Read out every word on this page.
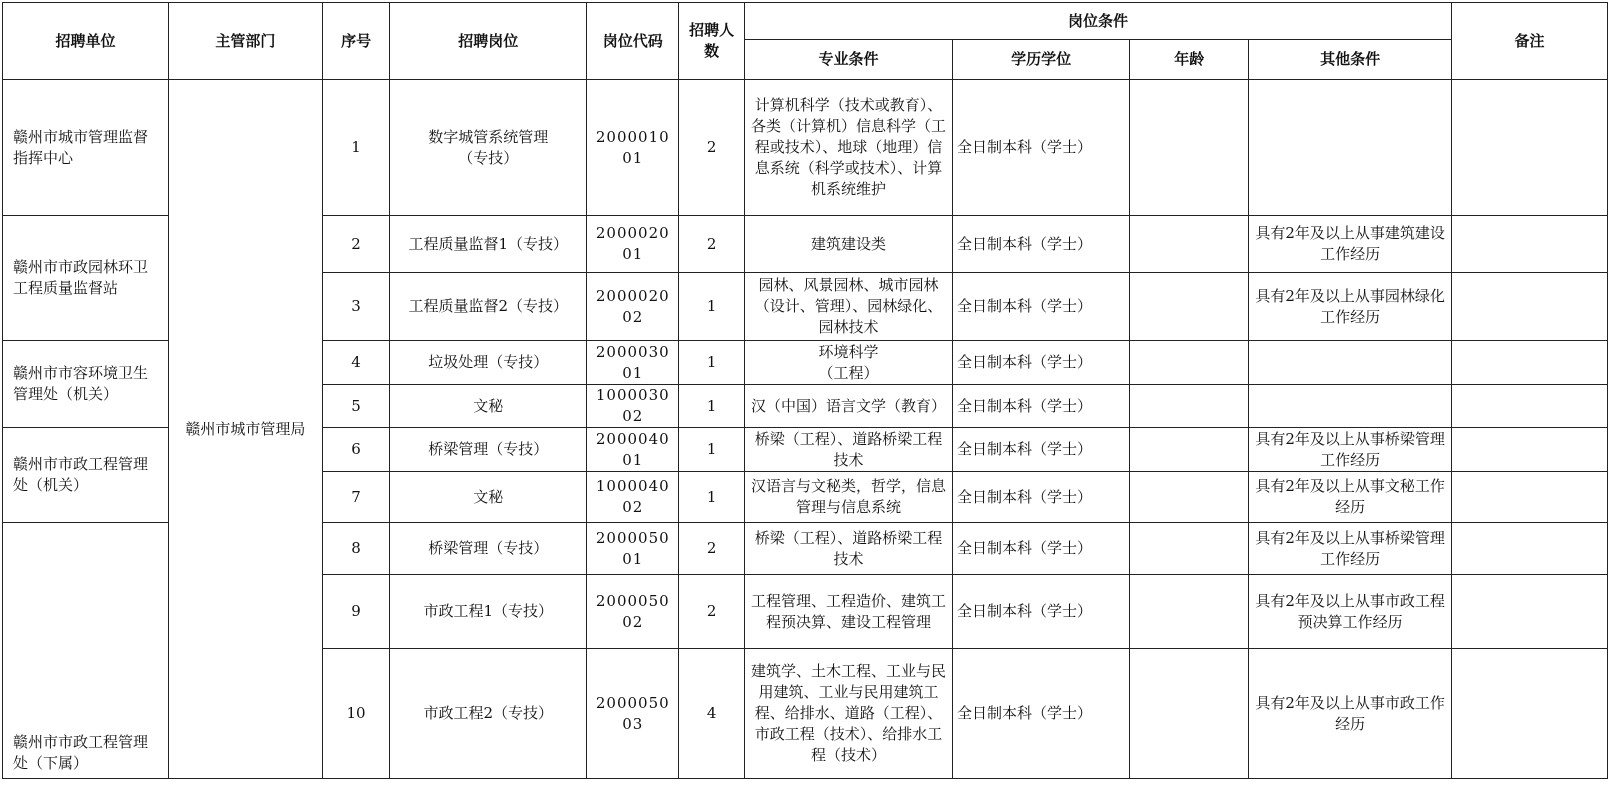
招聘单位	主管部门	序号	招聘岗位	岗位代码	招聘人数	岗位条件				备注
						专业条件	学历学位	年龄	其他条件	
赣州市城市管理监督指挥中心	赣州市城市管理局	1	数字城管系统管理（专技）	200001001	2	计算机科学（技术或教育）、各类（计算机）信息科学（工程或技术）、地球（地理）信息系统（科学或技术）、计算机系统维护	全日制本科（学士）			
赣州市市政园林环卫工程质量监督站		2	工程质量监督1（专技）	200002001	2	建筑建设类	全日制本科（学士）		具有2年及以上从事建筑建设工作经历	
		3	工程质量监督2（专技）	200002002	1	园林、风景园林、城市园林（设计、管理）、园林绿化、园林技术	全日制本科（学士）		具有2年及以上从事园林绿化工作经历	
赣州市市容环境卫生管理处（机关）		4	垃圾处理（专技）	200003001	1	环境科学（工程）	全日制本科（学士）			
		5	文秘	100003002	1	汉（中国）语言文学（教育）	全日制本科（学士）			
赣州市市政工程管理处（机关）		6	桥梁管理（专技）	200004001	1	桥梁（工程）、道路桥梁工程技术	全日制本科（学士）		具有2年及以上从事桥梁管理工作经历	
		7	文秘	100004002	1	汉语言与文秘类，哲学，信息管理与信息系统	全日制本科（学士）		具有2年及以上从事文秘工作经历	
赣州市市政工程管理处（下属）		8	桥梁管理（专技）	200005001	2	桥梁（工程）、道路桥梁工程技术	全日制本科（学士）		具有2年及以上从事桥梁管理工作经历	
		9	市政工程1（专技）	200005002	2	工程管理、工程造价、建筑工程预决算、建设工程管理	全日制本科（学士）		具有2年及以上从事市政工程预决算工作经历	
		10	市政工程2（专技）	200005003	4	建筑学、土木工程、工业与民用建筑、工业与民用建筑工程、给排水、道路（工程）、市政工程（技术）、给排水工程（技术）	全日制本科（学士）		具有2年及以上从事市政工作经历	
